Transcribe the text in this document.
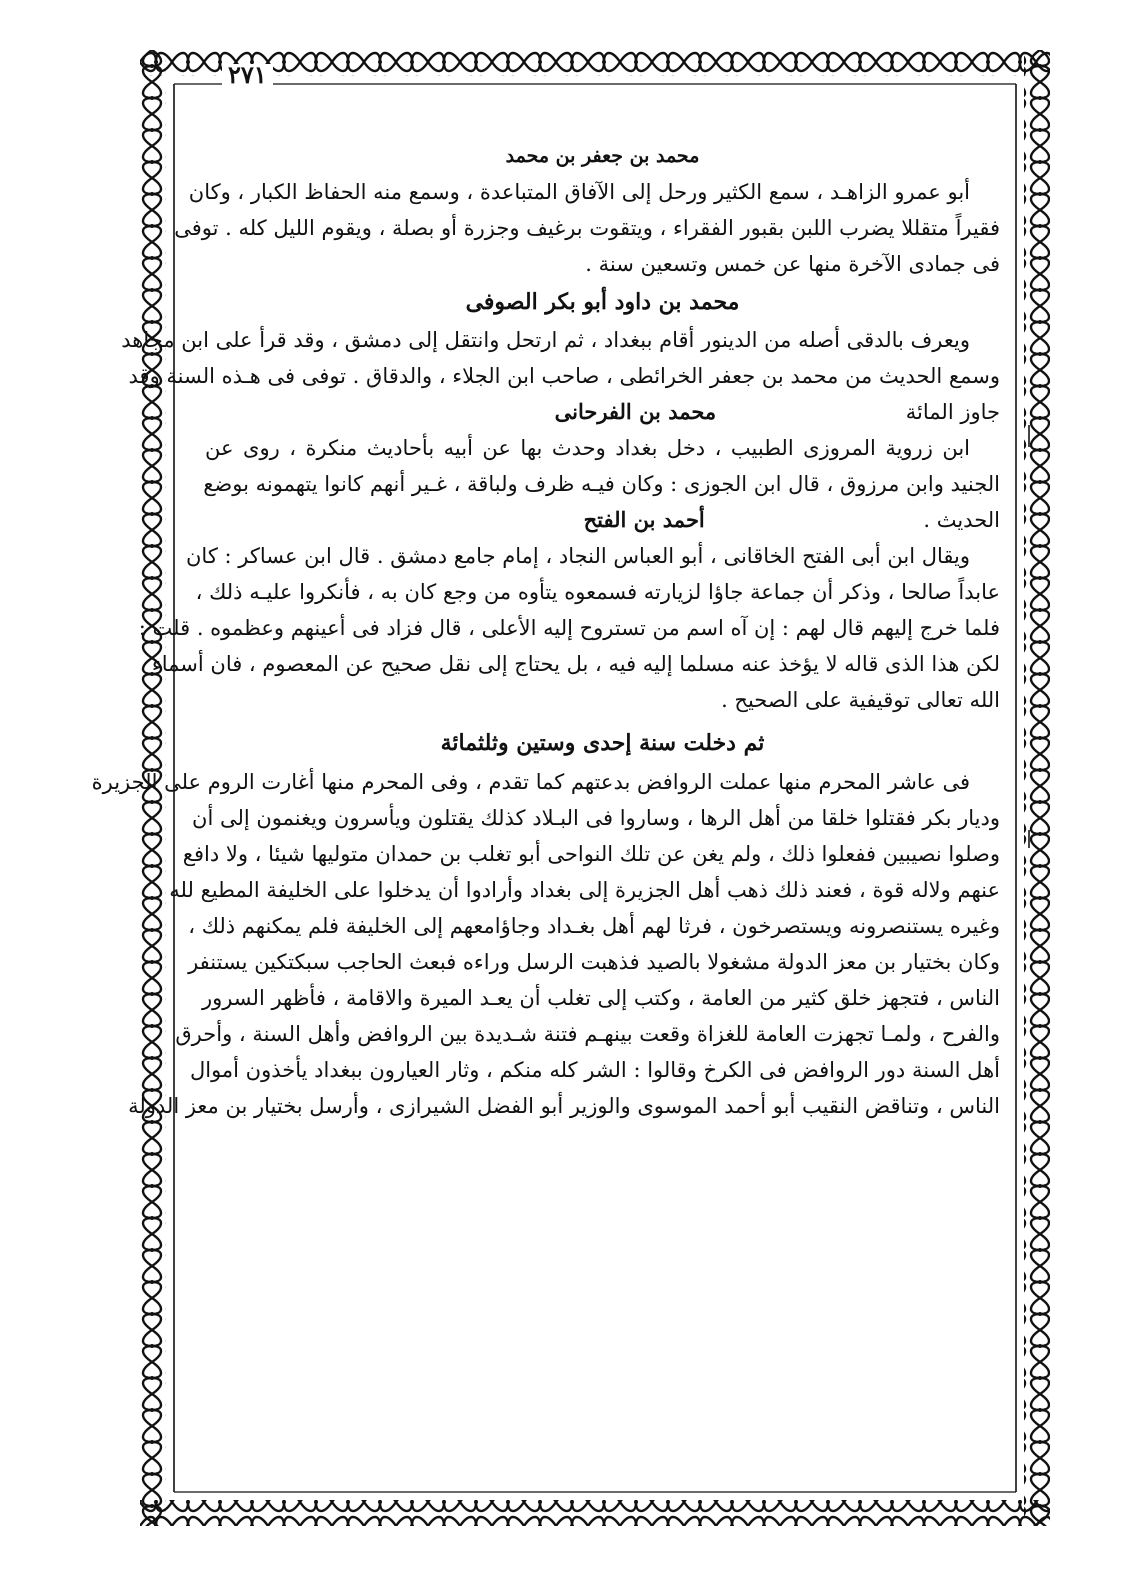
٢٧١
محمد بن جعفر بن محمد
أبو عمرو الزاهـد ، سمع الكثير ورحل إلى الآفاق المتباعدة ، وسمع منه الحفاظ الكبار ، وكان
فقيراً متقللا يضرب اللبن بقبور الفقراء ، ويتقوت برغيف وجزرة أو بصلة ، ويقوم الليل كله . توفى
فى جمادى الآخرة منها عن خمس وتسعين سنة .
محمد بن داود أبو بكر الصوفى
ويعرف بالدقى أصله من الدينور أقام ببغداد ، ثم ارتحل وانتقل إلى دمشق ، وقد قرأ على ابن مجاهد
وسمع الحديث من محمد بن جعفر الخرائطى ، صاحب ابن الجلاء ، والدقاق . توفى فى هـذه السنة وقد
جاوز المائة
محمد بن الفرحانى
ابن زروية المروزى الطبيب ، دخل بغداد وحدث بها عن أبيه بأحاديث منكرة ، روى عن
الجنيد وابن مرزوق ، قال ابن الجوزى : وكان فيـه ظرف ولباقة ، غـير أنهم كانوا يتهمونه بوضع
الحديث .
أحمد بن الفتح
ويقال ابن أبى الفتح الخاقانى ، أبو العباس النجاد ، إمام جامع دمشق . قال ابن عساكر : كان
عابداً صالحا ، وذكر أن جماعة جاؤا لزيارته فسمعوه يتأوه من وجع كان به ، فأنكروا عليـه ذلك ،
فلما خرج إليهم قال لهم : إن آه اسم من تستروح إليه الأعلى ، قال فزاد فى أعينهم وعظموه . قلت :
لكن هذا الذى قاله لا يؤخذ عنه مسلما إليه فيه ، بل يحتاج إلى نقل صحيح عن المعصوم ، فان أسماء
الله تعالى توقيفية على الصحيح .
ثم دخلت سنة إحدى وستين وثلثمائة
فى عاشر المحرم منها عملت الروافض بدعتهم كما تقدم ، وفى المحرم منها أغارت الروم على الجزيرة
وديار بكر فقتلوا خلقا من أهل الرها ، وساروا فى البـلاد كذلك يقتلون ويأسرون ويغنمون إلى أن
وصلوا نصيبين ففعلوا ذلك ، ولم يغن عن تلك النواحى أبو تغلب بن حمدان متوليها شيئا ، ولا دافع
عنهم ولاله قوة ، فعند ذلك ذهب أهل الجزيرة إلى بغداد وأرادوا أن يدخلوا على الخليفة المطيع لله
وغيره يستنصرونه ويستصرخون ، فرثا لهم أهل بغـداد وجاؤامعهم إلى الخليفة فلم يمكنهم ذلك ،
وكان بختيار بن معز الدولة مشغولا بالصيد فذهبت الرسل وراءه فبعث الحاجب سبكتكين يستنفر
الناس ، فتجهز خلق كثير من العامة ، وكتب إلى تغلب أن يعـد الميرة والاقامة ، فأظهر السرور
والفرح ، ولمـا تجهزت العامة للغزاة وقعت بينهـم فتنة شـديدة بين الروافض وأهل السنة ، وأحرق
أهل السنة دور الروافض فى الكرخ وقالوا : الشر كله منكم ، وثار العيارون ببغداد يأخذون أموال
الناس ، وتناقض النقيب أبو أحمد الموسوى والوزير أبو الفضل الشيرازى ، وأرسل بختيار بن معز الدولة
